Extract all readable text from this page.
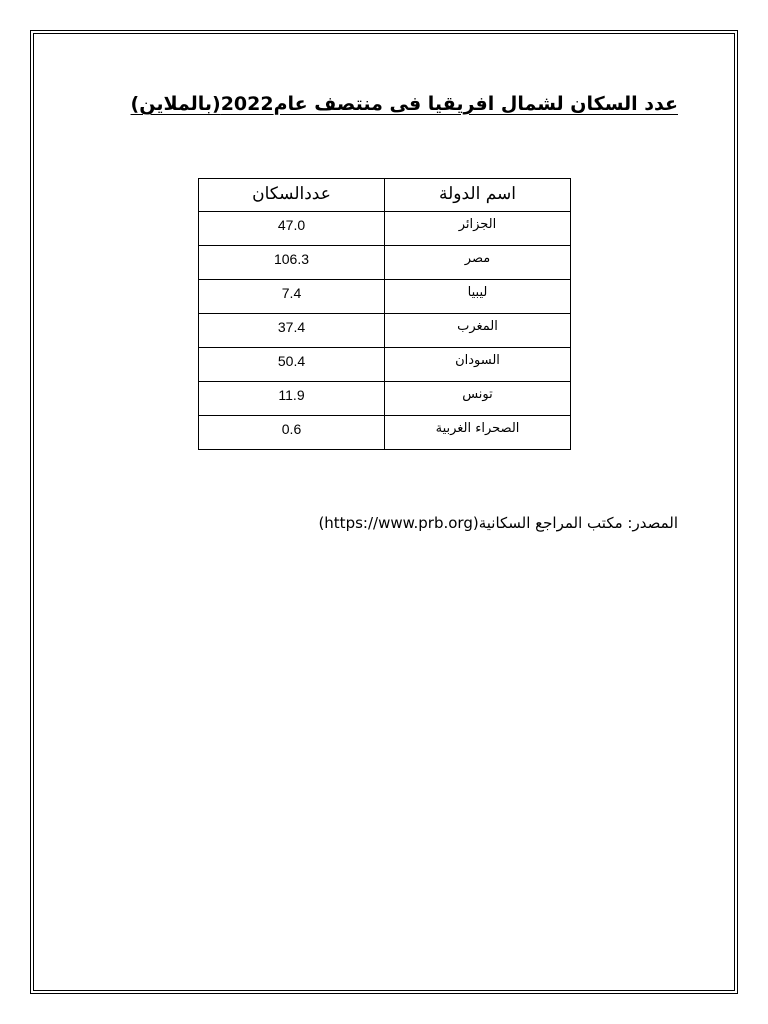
عدد السكان لشمال افريقيا فى منتصف عام2022(بالملاين)
اسم الدولة	عددالسكان
الجزائر	47.0
مصر	106.3
ليبيا	7.4
المغرب	37.4
السودان	50.4
تونس	11.9
الصحراء الغربية	0.6
المصدر: مكتب المراجع السكانية(https://www.prb.org)
